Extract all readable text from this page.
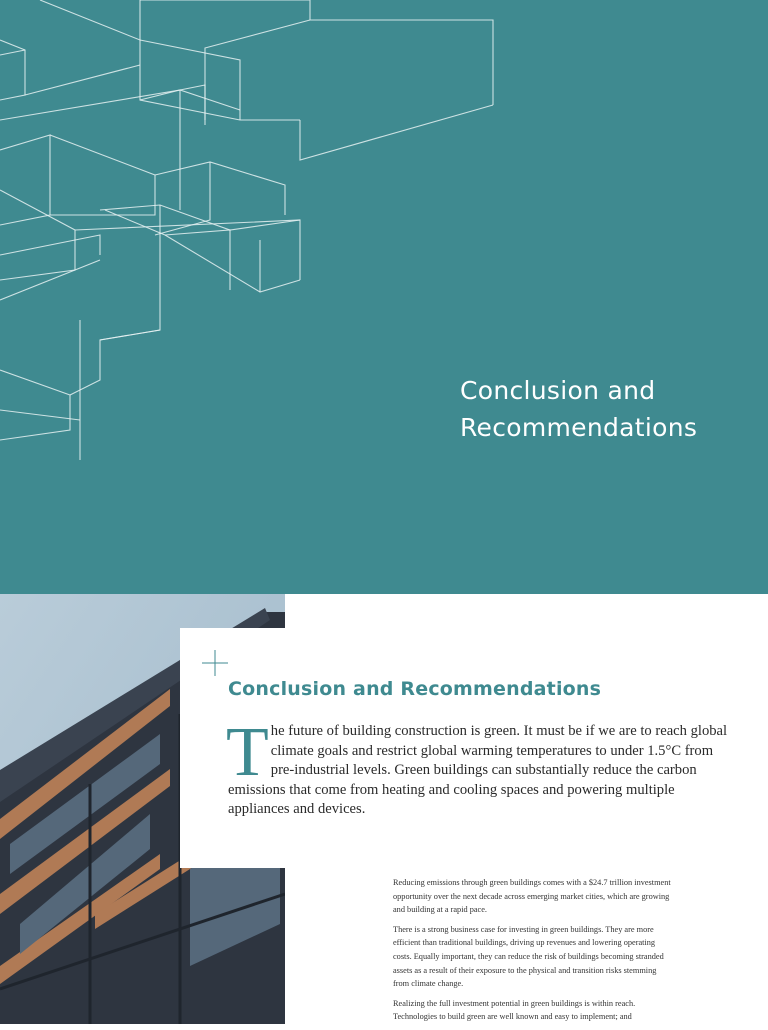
Conclusion and
Recommendations
Conclusion and Recommendations

T he future of building construction is green. It must be if we are to reach global climate goals and restrict global warming temperatures to under 1.5°C from pre-industrial levels. Green buildings can substantially reduce the carbon emissions that come from heating and cooling spaces and powering multiple appliances and devices.

Reducing emissions through green buildings comes with a $24.7 trillion investment opportunity over the next decade across emerging market cities, which are growing and building at a rapid pace.

There is a strong business case for investing in green buildings. They are more efficient than traditional buildings, driving up revenues and lowering operating costs. Equally important, they can reduce the risk of buildings becoming stranded assets as a result of their exposure to the physical and transition risks stemming from climate change.

Realizing the full investment potential in green buildings is within reach. Technologies to build green are well known and easy to implement; and
